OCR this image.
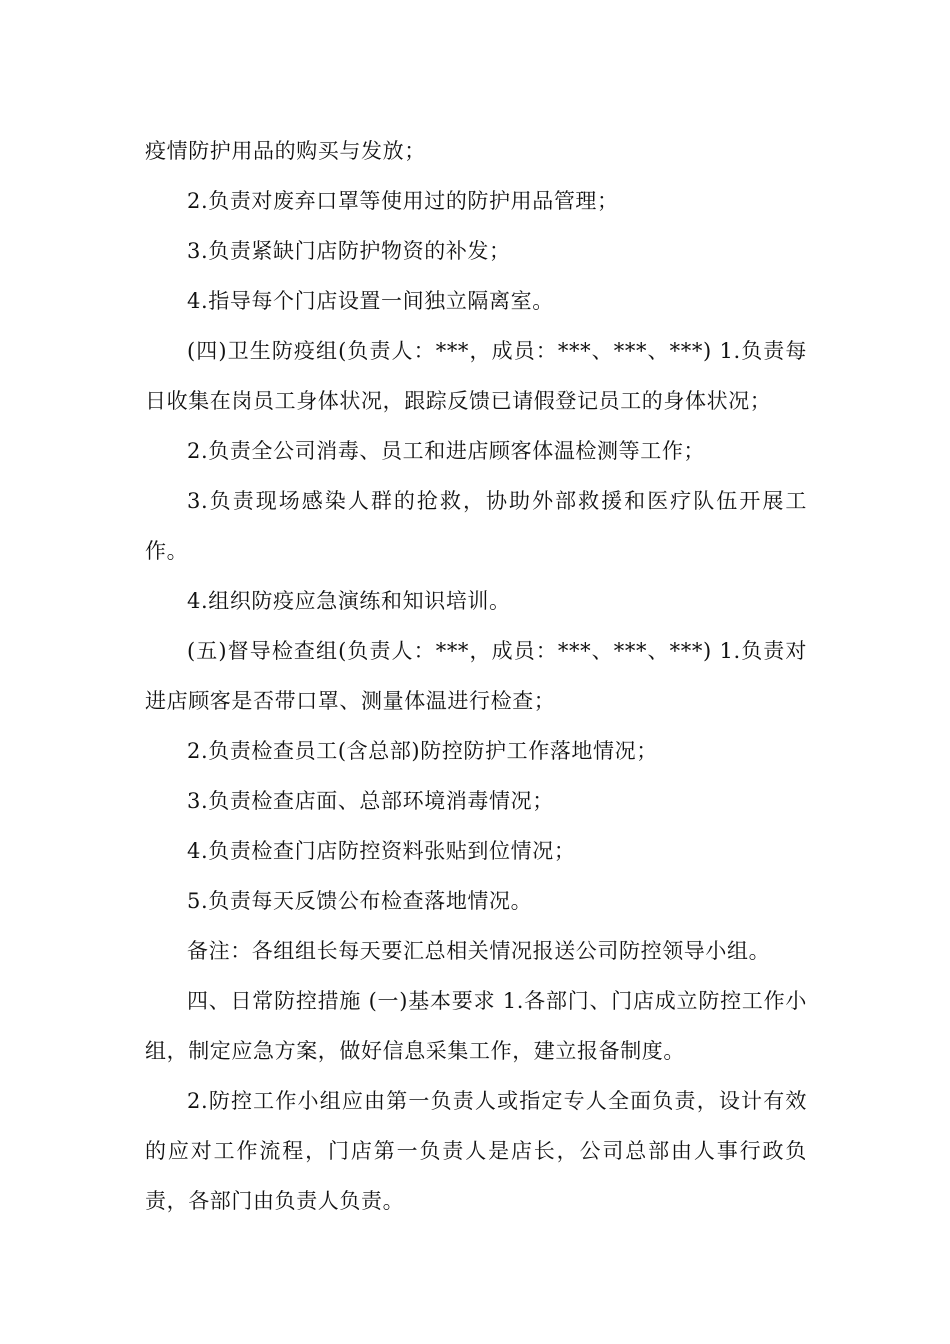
疫情防护用品的购买与发放；

2.负责对废弃口罩等使用过的防护用品管理；

3.负责紧缺门店防护物资的补发；

4.指导每个门店设置一间独立隔离室。

(四)卫生防疫组(负责人：***，成员：***、***、***) 1.负责每日收集在岗员工身体状况，跟踪反馈已请假登记员工的身体状况；

2.负责全公司消毒、员工和进店顾客体温检测等工作；

3.负责现场感染人群的抢救，协助外部救援和医疗队伍开展工作。

4.组织防疫应急演练和知识培训。

(五)督导检查组(负责人：***，成员：***、***、***) 1.负责对进店顾客是否带口罩、测量体温进行检查；

2.负责检查员工(含总部)防控防护工作落地情况；

3.负责检查店面、总部环境消毒情况；

4.负责检查门店防控资料张贴到位情况；

5.负责每天反馈公布检查落地情况。

备注：各组组长每天要汇总相关情况报送公司防控领导小组。

四、日常防控措施 (一)基本要求 1.各部门、门店成立防控工作小组，制定应急方案，做好信息采集工作，建立报备制度。

2.防控工作小组应由第一负责人或指定专人全面负责，设计有效的应对工作流程，门店第一负责人是店长，公司总部由人事行政负责，各部门由负责人负责。
